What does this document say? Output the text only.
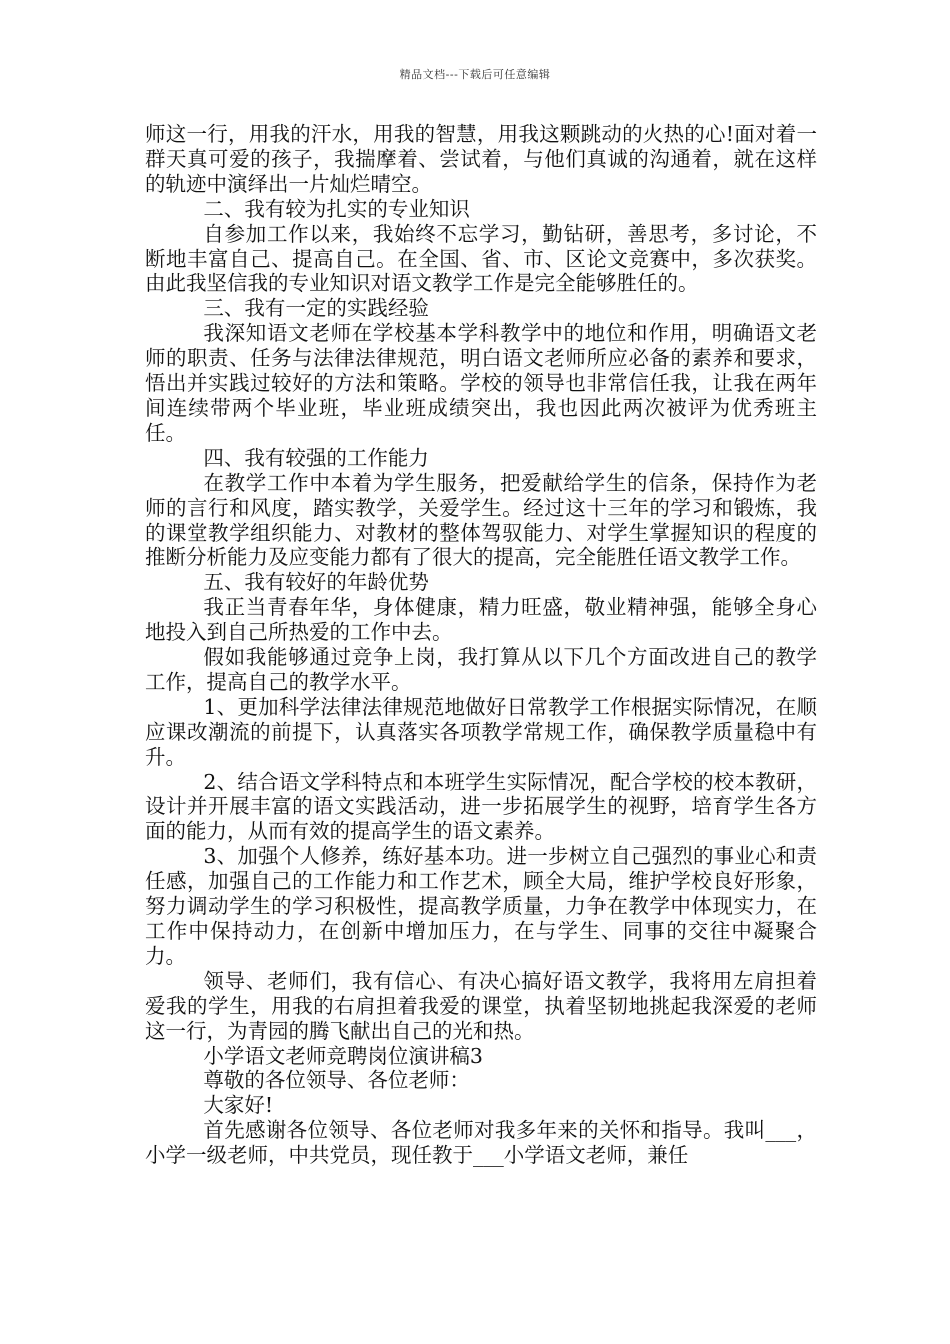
精品文档---下载后可任意编辑

师这一行，用我的汗水，用我的智慧，用我这颗跳动的火热的心!面对着一群天真可爱的孩子，我揣摩着、尝试着，与他们真诚的沟通着，就在这样的轨迹中演绎出一片灿烂晴空。

二、我有较为扎实的专业知识

自参加工作以来，我始终不忘学习，勤钻研，善思考，多讨论，不断地丰富自己、提高自己。在全国、省、市、区论文竞赛中，多次获奖。由此我坚信我的专业知识对语文教学工作是完全能够胜任的。

三、我有一定的实践经验

我深知语文老师在学校基本学科教学中的地位和作用，明确语文老师的职责、任务与法律法律规范，明白语文老师所应必备的素养和要求，悟出并实践过较好的方法和策略。学校的领导也非常信任我，让我在两年间连续带两个毕业班，毕业班成绩突出，我也因此两次被评为优秀班主任。

四、我有较强的工作能力

在教学工作中本着为学生服务，把爱献给学生的信条，保持作为老师的言行和风度，踏实教学，关爱学生。经过这十三年的学习和锻炼，我的课堂教学组织能力、对教材的整体驾驭能力、对学生掌握知识的程度的推断分析能力及应变能力都有了很大的提高，完全能胜任语文教学工作。

五、我有较好的年龄优势

我正当青春年华，身体健康，精力旺盛，敬业精神强，能够全身心地投入到自己所热爱的工作中去。

假如我能够通过竞争上岗，我打算从以下几个方面改进自己的教学工作，提高自己的教学水平。

1、更加科学法律法律规范地做好日常教学工作根据实际情况，在顺应课改潮流的前提下，认真落实各项教学常规工作，确保教学质量稳中有升。

2、结合语文学科特点和本班学生实际情况，配合学校的校本教研，设计并开展丰富的语文实践活动，进一步拓展学生的视野，培育学生各方面的能力，从而有效的提高学生的语文素养。

3、加强个人修养，练好基本功。进一步树立自己强烈的事业心和责任感，加强自己的工作能力和工作艺术，顾全大局，维护学校良好形象，努力调动学生的学习积极性，提高教学质量，力争在教学中体现实力，在工作中保持动力，在创新中增加压力，在与学生、同事的交往中凝聚合力。

领导、老师们，我有信心、有决心搞好语文教学，我将用左肩担着爱我的学生，用我的右肩担着我爱的课堂，执着坚韧地挑起我深爱的老师这一行，为青园的腾飞献出自己的光和热。

小学语文老师竞聘岗位演讲稿3

尊敬的各位领导、各位老师：

大家好!

首先感谢各位领导、各位老师对我多年来的关怀和指导。我叫___，小学一级老师，中共党员，现任教于___小学语文老师，兼任
